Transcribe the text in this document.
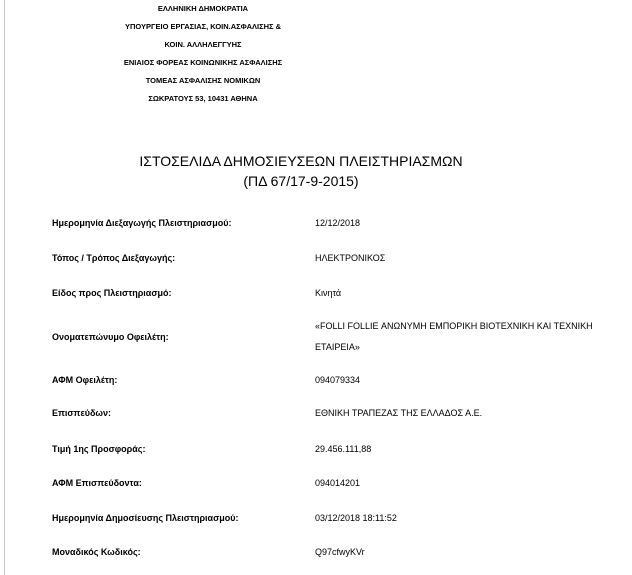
ΕΛΛΗΝΙΚΗ ΔΗΜΟΚΡΑΤΙΑ
ΥΠΟΥΡΓΕΙΟ ΕΡΓΑΣΙΑΣ, ΚΟΙΝ.ΑΣΦΑΛΙΣΗΣ &
ΚΟΙΝ. ΑΛΛΗΛΕΓΓΥΗΣ
ΕΝΙΑΙΟΣ ΦΟΡΕΑΣ ΚΟΙΝΩΝΙΚΗΣ ΑΣΦΑΛΙΣΗΣ
ΤΟΜΕΑΣ ΑΣΦΑΛΙΣΗΣ ΝΟΜΙΚΩΝ
ΣΩΚΡΑΤΟΥΣ 53, 10431 ΑΘΗΝΑ
ΙΣΤΟΣΕΛΙΔΑ ΔΗΜΟΣΙΕΥΣΕΩΝ ΠΛΕΙΣΤΗΡΙΑΣΜΩΝ
(ΠΔ 67/17-9-2015)
Ημερομηνία Διεξαγωγής Πλειστηριασμού:	12/12/2018
Τόπος / Τρόπος Διεξαγωγής:	ΗΛΕΚΤΡΟΝΙΚΟΣ
Είδος προς Πλειστηριασμό:	Κινητά
Ονοματεπώνυμο Οφειλέτη:
«FOLLI FOLLIE ΑΝΩΝΥΜΗ ΕΜΠΟΡΙΚΗ ΒΙΟΤΕΧΝΙΚΗ ΚΑΙ ΤΕΧΝΙΚΗ
ΕΤΑΙΡΕΙΑ»
ΑΦΜ Οφειλέτη:	094079334
Επισπεύδων:	ΕΘΝΙΚΗ ΤΡΑΠΕΖΑΣ ΤΗΣ ΕΛΛΑΔΟΣ Α.Ε.
Τιμή 1ης Προσφοράς:	29.456.111,88
ΑΦΜ Επισπεύδοντα:	094014201
Ημερομηνία Δημοσίευσης Πλειστηριασμού:	03/12/2018 18:11:52
Μοναδικός Κωδικός:	Q97cfwyKVr
